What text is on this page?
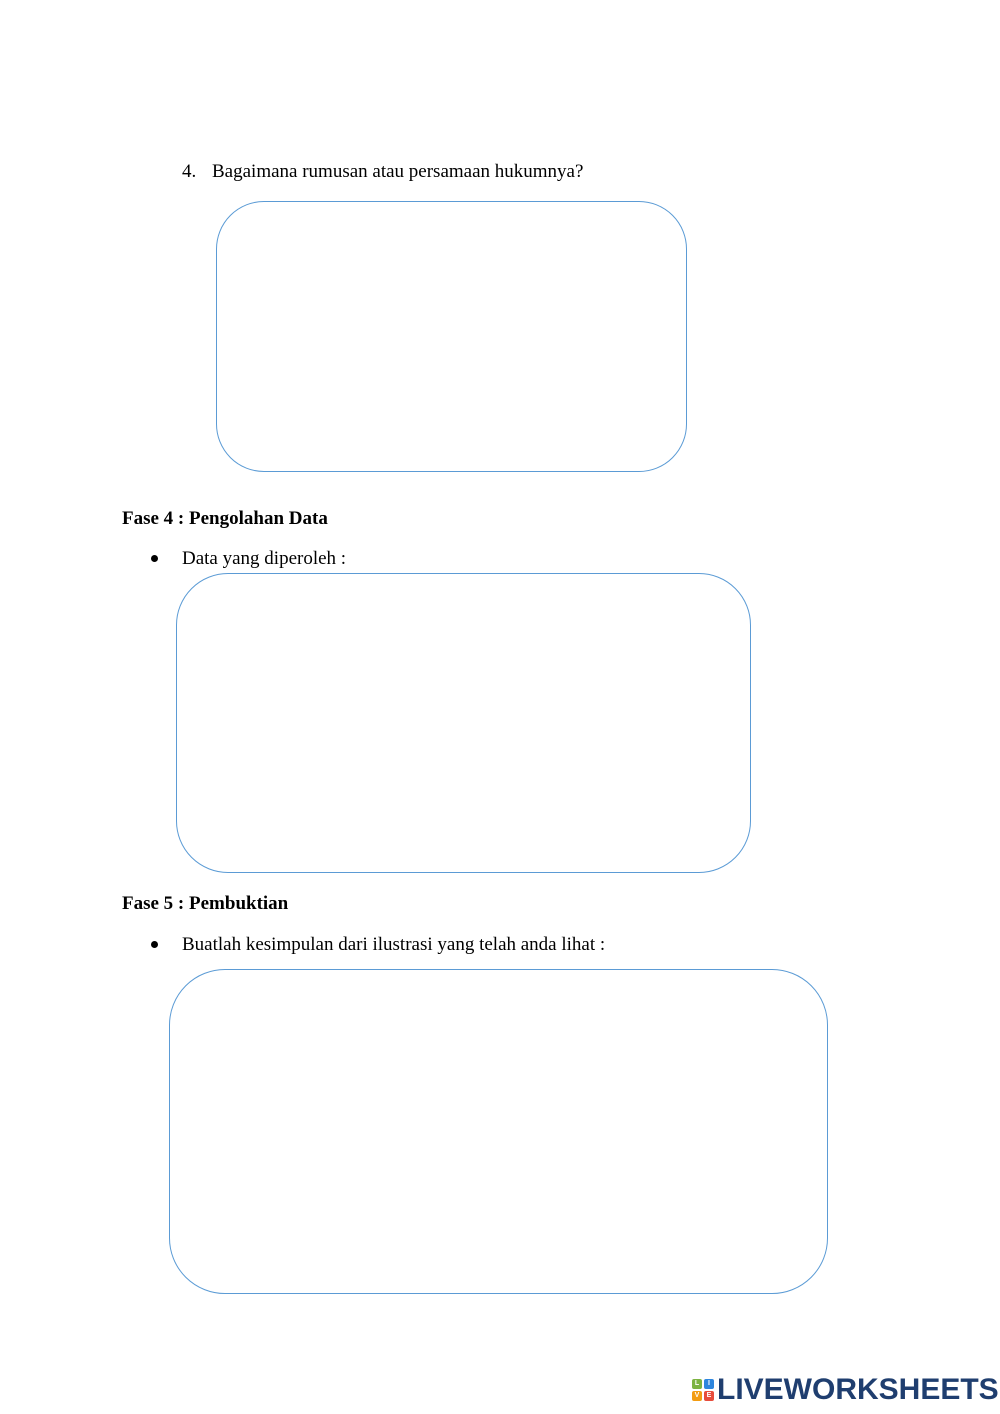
4. Bagaimana rumusan atau persamaan hukumnya?
Fase 4 : Pengolahan Data
Data yang diperoleh :
Fase 5 : Pembuktian
Buatlah kesimpulan dari ilustrasi yang telah anda lihat :
L	I
V	E LIVEWORKSHEETS
